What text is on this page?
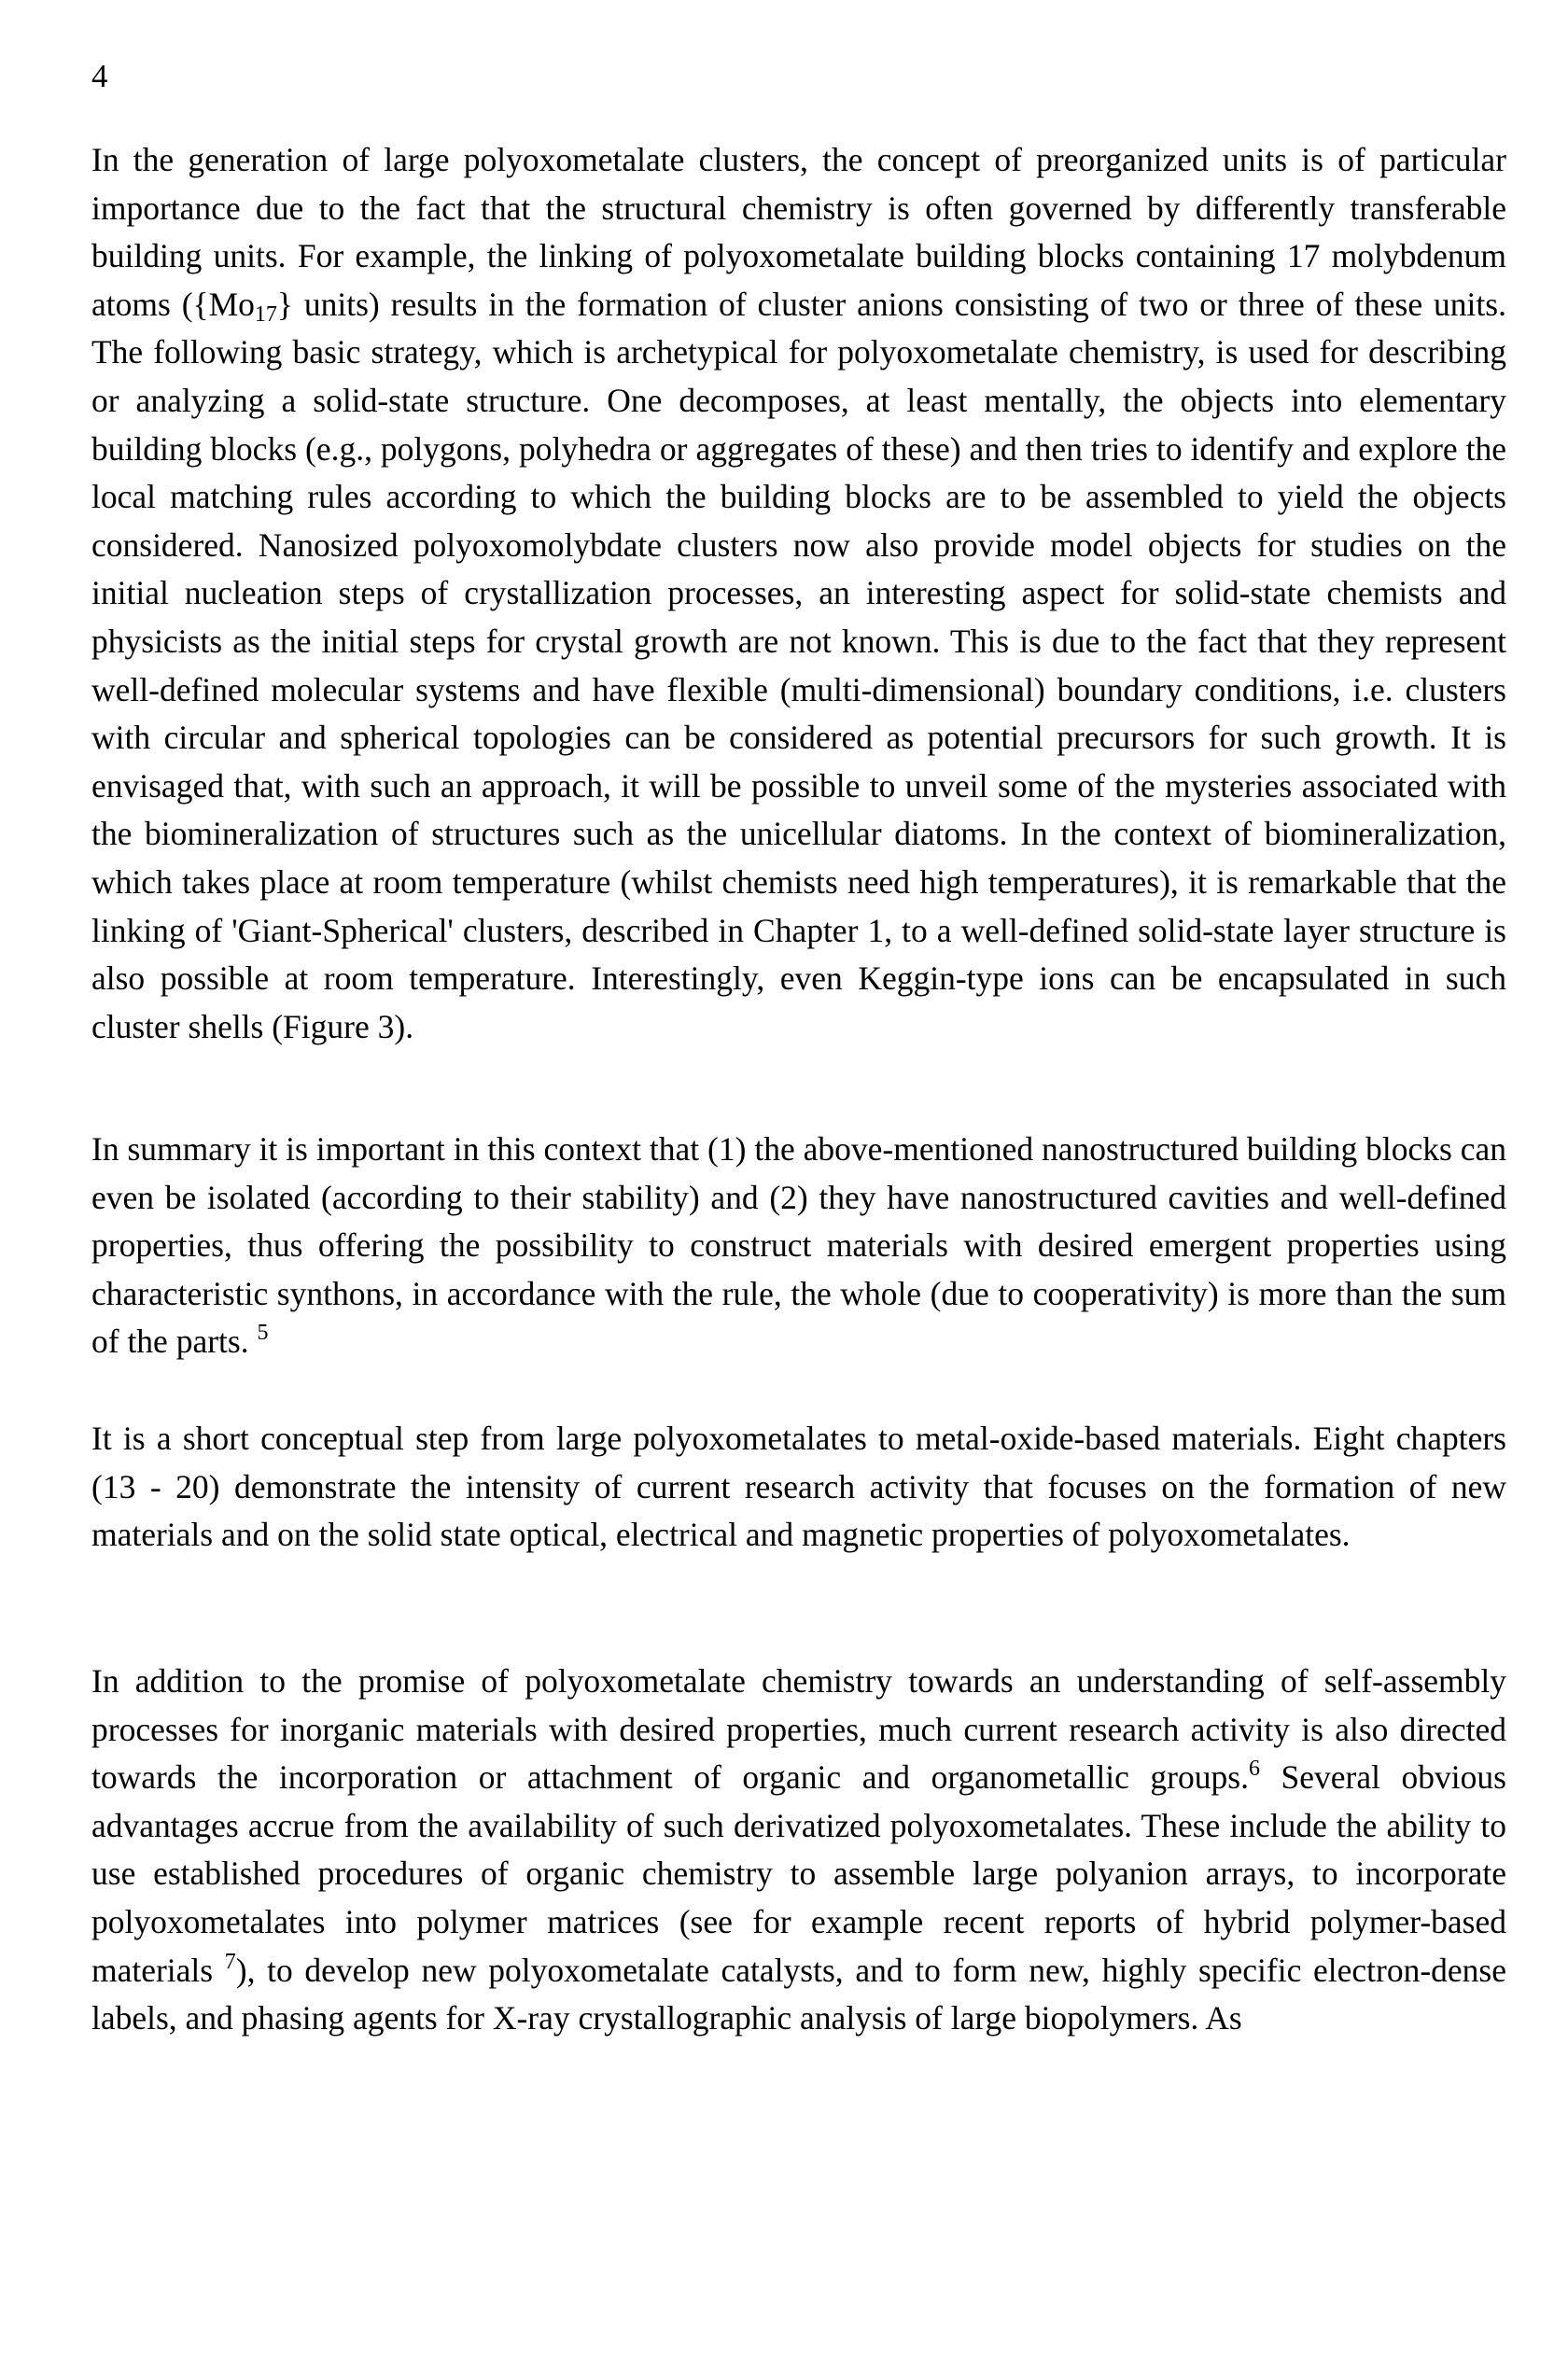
4

In the generation of large polyoxometalate clusters, the concept of preorganized units is of particular importance due to the fact that the structural chemistry is often governed by differently transferable building units. For example, the linking of polyoxometalate building blocks containing 17 molybdenum atoms ($\{Mo_{17}\}$ units) results in the formation of cluster anions consisting of two or three of these units. The following basic strategy, which is archetypical for polyoxometalate chemistry, is used for describing or analyzing a solid-state structure. One decomposes, at least mentally, the objects into elementary building blocks (e.g., polygons, polyhedra or aggregates of these) and then tries to identify and explore the local matching rules according to which the building blocks are to be assembled to yield the objects considered. Nanosized polyoxomolybdate clusters now also provide model objects for studies on the initial nucleation steps of crystallization processes, an interesting aspect for solid-state chemists and physicists as the initial steps for crystal growth are not known. This is due to the fact that they represent well-defined molecular systems and have flexible (multi-dimensional) boundary conditions, i.e. clusters with circular and spherical topologies can be considered as potential precursors for such growth. It is envisaged that, with such an approach, it will be possible to unveil some of the mysteries associated with the biomineralization of structures such as the unicellular diatoms. In the context of biomineralization, which takes place at room temperature (whilst chemists need high temperatures), it is remarkable that the linking of 'Giant-Spherical' clusters, described in Chapter 1, to a well-defined solid-state layer structure is also possible at room temperature. Interestingly, even Keggin-type ions can be encapsulated in such cluster shells (Figure 3).

In summary it is important in this context that (1) the above-mentioned nanostructured building blocks can even be isolated (according to their stability) and (2) they have nanostructured cavities and well-defined properties, thus offering the possibility to construct materials with desired emergent properties using characteristic synthons, in accordance with the rule, the whole (due to cooperativity) is more than the sum of the parts. $^5$

It is a short conceptual step from large polyoxometalates to metal-oxide-based materials. Eight chapters (13 - 20) demonstrate the intensity of current research activity that focuses on the formation of new materials and on the solid state optical, electrical and magnetic properties of polyoxometalates.

In addition to the promise of polyoxometalate chemistry towards an understanding of self-assembly processes for inorganic materials with desired properties, much current research activity is also directed towards the incorporation or attachment of organic and organometallic groups.$^6$ Several obvious advantages accrue from the availability of such derivatized polyoxometalates. These include the ability to use established procedures of organic chemistry to assemble large polyanion arrays, to incorporate polyoxometalates into polymer matrices (see for example recent reports of hybrid polymer-based materials $^7$), to develop new polyoxometalate catalysts, and to form new, highly specific electron-dense labels, and phasing agents for X-ray crystallographic analysis of large biopolymers. As
